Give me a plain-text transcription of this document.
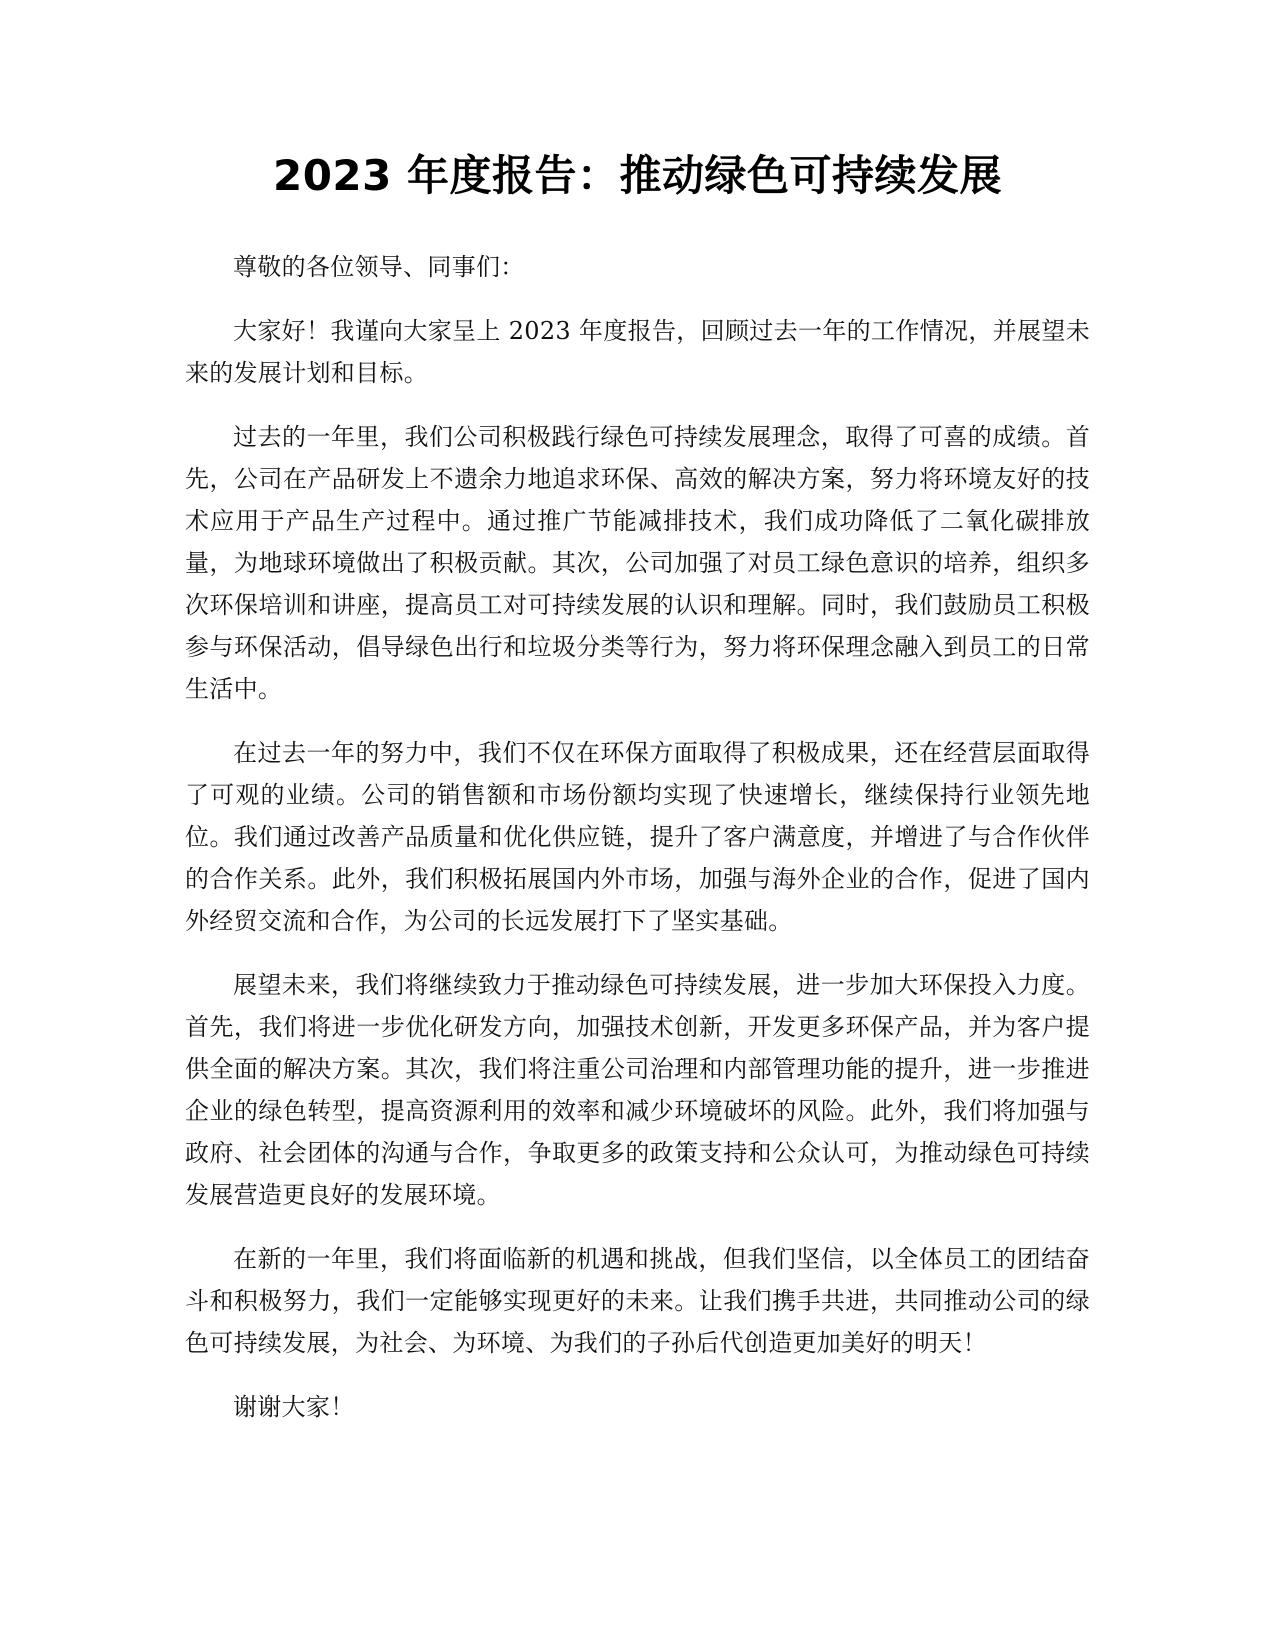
2023 年度报告：推动绿色可持续发展

尊敬的各位领导、同事们：

大家好！我谨向大家呈上 2023 年度报告，回顾过去一年的工作情况，并展望未来的发展计划和目标。

过去的一年里，我们公司积极践行绿色可持续发展理念，取得了可喜的成绩。首先，公司在产品研发上不遗余力地追求环保、高效的解决方案，努力将环境友好的技术应用于产品生产过程中。通过推广节能减排技术，我们成功降低了二氧化碳排放量，为地球环境做出了积极贡献。其次，公司加强了对员工绿色意识的培养，组织多次环保培训和讲座，提高员工对可持续发展的认识和理解。同时，我们鼓励员工积极参与环保活动，倡导绿色出行和垃圾分类等行为，努力将环保理念融入到员工的日常生活中。

在过去一年的努力中，我们不仅在环保方面取得了积极成果，还在经营层面取得了可观的业绩。公司的销售额和市场份额均实现了快速增长，继续保持行业领先地位。我们通过改善产品质量和优化供应链，提升了客户满意度，并增进了与合作伙伴的合作关系。此外，我们积极拓展国内外市场，加强与海外企业的合作，促进了国内外经贸交流和合作，为公司的长远发展打下了坚实基础。

展望未来，我们将继续致力于推动绿色可持续发展，进一步加大环保投入力度。首先，我们将进一步优化研发方向，加强技术创新，开发更多环保产品，并为客户提供全面的解决方案。其次，我们将注重公司治理和内部管理功能的提升，进一步推进企业的绿色转型，提高资源利用的效率和减少环境破坏的风险。此外，我们将加强与政府、社会团体的沟通与合作，争取更多的政策支持和公众认可，为推动绿色可持续发展营造更良好的发展环境。

在新的一年里，我们将面临新的机遇和挑战，但我们坚信，以全体员工的团结奋斗和积极努力，我们一定能够实现更好的未来。让我们携手共进，共同推动公司的绿色可持续发展，为社会、为环境、为我们的子孙后代创造更加美好的明天！

谢谢大家！
